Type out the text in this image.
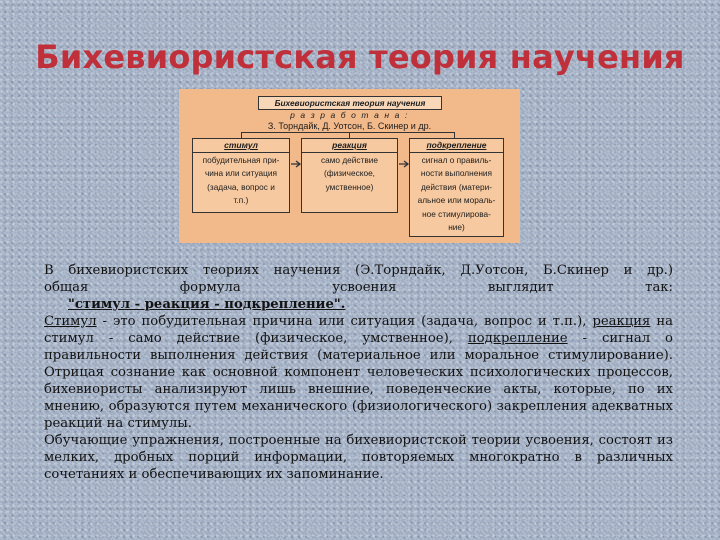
Бихевиористская теория научения
Бихевиористская теория научения
р а з р а б о т а н а :
З. Торндайк, Д. Уотсон, Б. Скинер и др.
стимул
побудительная при-
чина или ситуация
(задача, вопрос и
т.п.)
реакция
само действие
(физическое,
умственное)
подкрепление
сигнал о правиль-
ности выполнения
действия (матери-
альное или мораль-
ное стимулирова-
ние)

В бихевиористских теориях научения (Э.Торндайк, Д.Уотсон, Б.Скинер и др.)
общая формула усвоения выглядит так:
"стимул - реакция - подкрепление".

Стимул - это побудительная причина или ситуация (задача, вопрос и т.п.), реакция на стимул - само действие (физическое, умственное), подкрепление - сигнал о правильности выполнения действия (материальное или моральное стимулирование). Отрицая сознание как основной компонент человеческих психологических процессов, бихевиористы анализируют лишь внешние, поведенческие акты, которые, по их мнению, образуются путем механического (физиологического) закрепления адекватных реакций на стимулы.

Обучающие упражнения, построенные на бихевиористской теории усвоения, состоят из мелких, дробных порций информации, повторяемых многократно в различных сочетаниях и обеспечивающих их запоминание.
